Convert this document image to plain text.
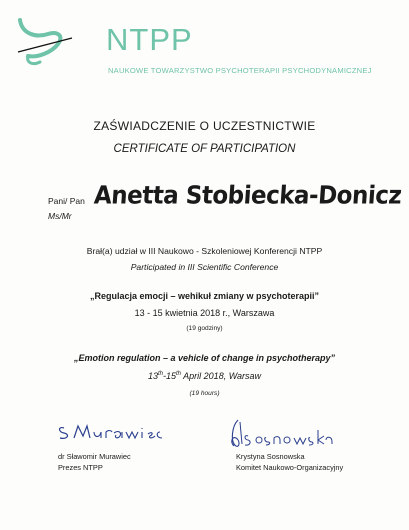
NTPP
NAUKOWE TOWARZYSTWO PSYCHOTERAPII PSYCHODYNAMICZNEJ
ZAŚWIADCZENIE O UCZESTNICTWIE
CERTIFICATE OF PARTICIPATION
Pani/ Pan
Ms/Mr
Anetta Stobiecka-Donicz
Brał(a) udział w III Naukowo - Szkoleniowej Konferencji NTPP
Participated in III Scientific Conference
„Regulacja emocji – wehikuł zmiany w psychoterapii”
13 - 15 kwietnia 2018 r., Warszawa
(19 godziny)
„Emotion regulation – a vehicle of change in psychotherapy”
13th-15th April 2018, Warsaw
(19 hours)
dr Sławomir Murawiec
Prezes NTPP
Krystyna Sosnowska
Komitet Naukowo-Organizacyjny
